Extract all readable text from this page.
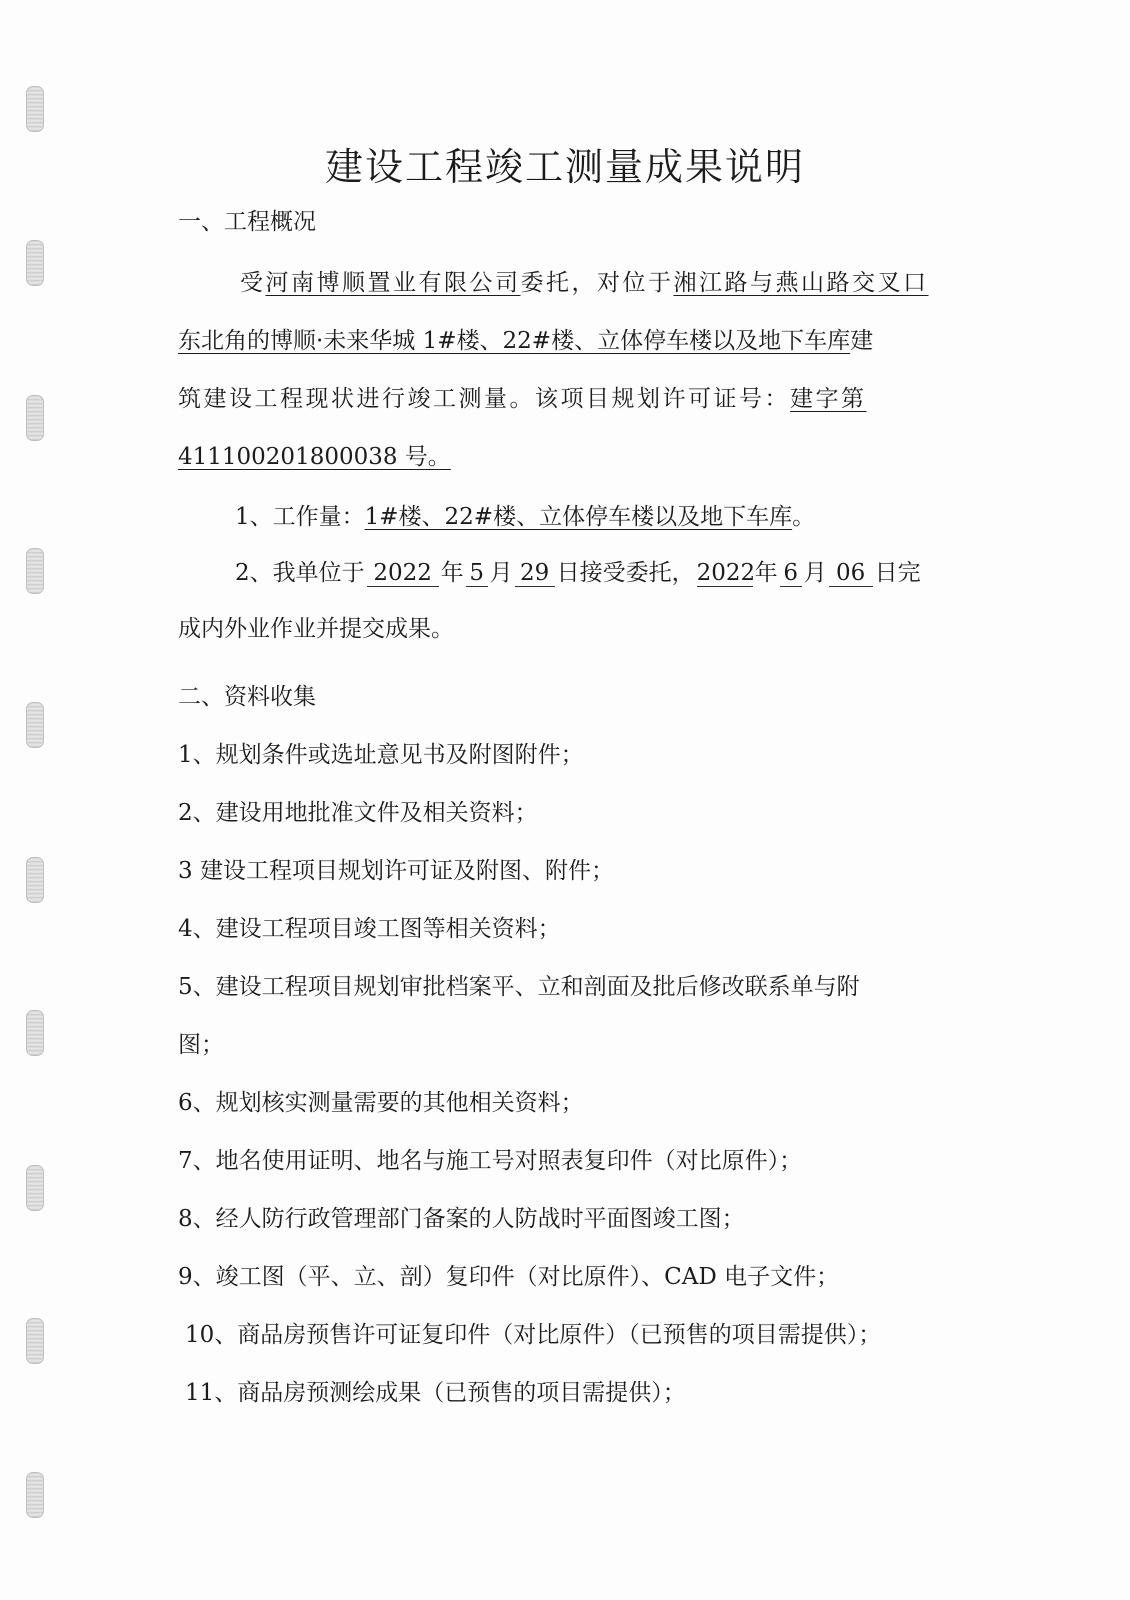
建设工程竣工测量成果说明

一、工程概况

受河南博顺置业有限公司委托，对位于湘江路与燕山路交叉口

东北角的博顺·未来华城 1#楼、22#楼、立体停车楼以及地下车库建

筑建设工程现状进行竣工测量。该项目规划许可证号：建字第

411100201800038 号。

1、工作量：1#楼、22#楼、立体停车楼以及地下车库。

2、我单位于 2022 年 5 月 29 日接受委托，2022年 6 月 06 日完

成内外业作业并提交成果。

二、资料收集

1、规划条件或选址意见书及附图附件；

2、建设用地批准文件及相关资料；

3 建设工程项目规划许可证及附图、附件；

4、建设工程项目竣工图等相关资料；

5、建设工程项目规划审批档案平、立和剖面及批后修改联系单与附

图；

6、规划核实测量需要的其他相关资料；

7、地名使用证明、地名与施工号对照表复印件（对比原件）；

8、经人防行政管理部门备案的人防战时平面图竣工图；

9、竣工图（平、立、剖）复印件（对比原件）、CAD 电子文件；

10、商品房预售许可证复印件（对比原件）（已预售的项目需提供）；

11、商品房预测绘成果（已预售的项目需提供）；
